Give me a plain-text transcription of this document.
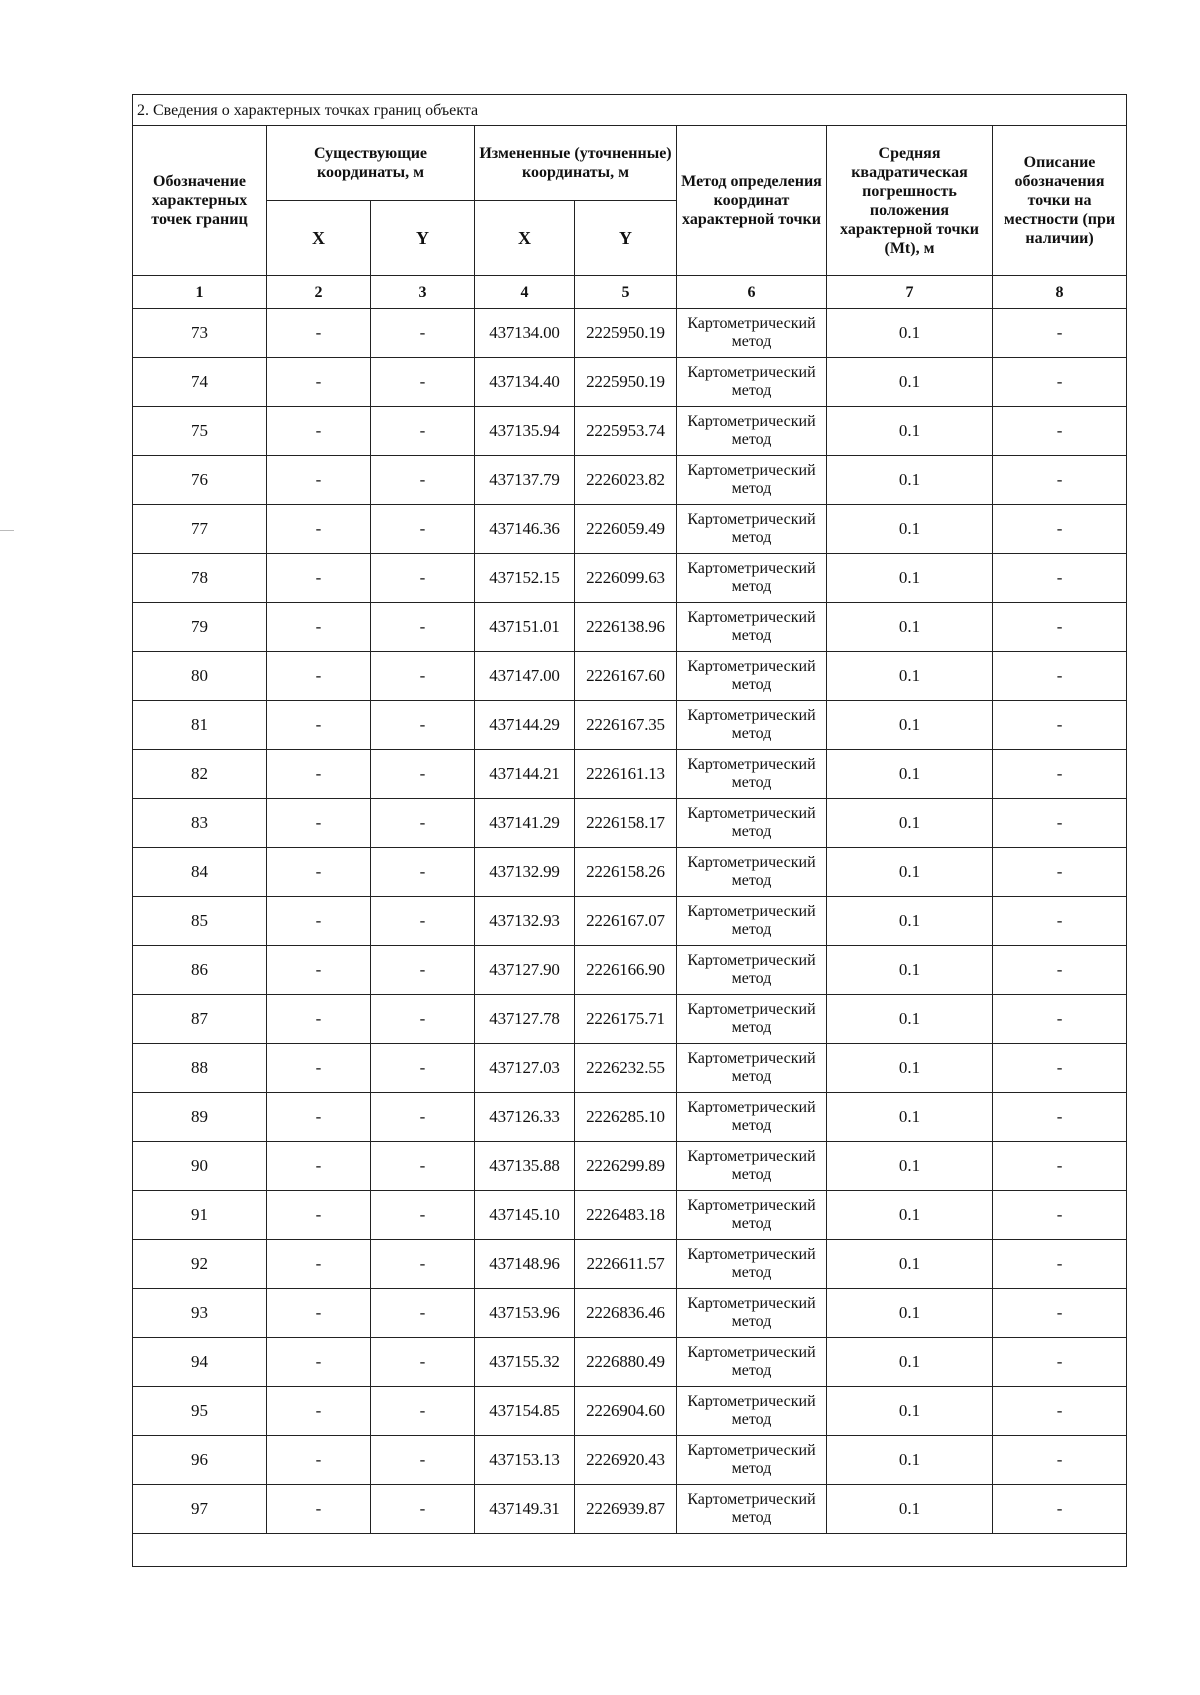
2. Сведения о характерных точках границ объекта							
Обозначение характерных точек границ	Существующие координаты, м		Измененные (уточненные) координаты, м		Метод определения координат характерной точки	Средняя квадратическая погрешность положения характерной точки (Mt), м	Описание обозначения точки на местности (при наличии)
	X	Y	X	Y			
1	2	3	4	5	6	7	8
73	-	-	437134.00	2225950.19	Картометрический метод	0.1	-
74	-	-	437134.40	2225950.19	Картометрический метод	0.1	-
75	-	-	437135.94	2225953.74	Картометрический метод	0.1	-
76	-	-	437137.79	2226023.82	Картометрический метод	0.1	-
77	-	-	437146.36	2226059.49	Картометрический метод	0.1	-
78	-	-	437152.15	2226099.63	Картометрический метод	0.1	-
79	-	-	437151.01	2226138.96	Картометрический метод	0.1	-
80	-	-	437147.00	2226167.60	Картометрический метод	0.1	-
81	-	-	437144.29	2226167.35	Картометрический метод	0.1	-
82	-	-	437144.21	2226161.13	Картометрический метод	0.1	-
83	-	-	437141.29	2226158.17	Картометрический метод	0.1	-
84	-	-	437132.99	2226158.26	Картометрический метод	0.1	-
85	-	-	437132.93	2226167.07	Картометрический метод	0.1	-
86	-	-	437127.90	2226166.90	Картометрический метод	0.1	-
87	-	-	437127.78	2226175.71	Картометрический метод	0.1	-
88	-	-	437127.03	2226232.55	Картометрический метод	0.1	-
89	-	-	437126.33	2226285.10	Картометрический метод	0.1	-
90	-	-	437135.88	2226299.89	Картометрический метод	0.1	-
91	-	-	437145.10	2226483.18	Картометрический метод	0.1	-
92	-	-	437148.96	2226611.57	Картометрический метод	0.1	-
93	-	-	437153.96	2226836.46	Картометрический метод	0.1	-
94	-	-	437155.32	2226880.49	Картометрический метод	0.1	-
95	-	-	437154.85	2226904.60	Картометрический метод	0.1	-
96	-	-	437153.13	2226920.43	Картометрический метод	0.1	-
97	-	-	437149.31	2226939.87	Картометрический метод	0.1	-
